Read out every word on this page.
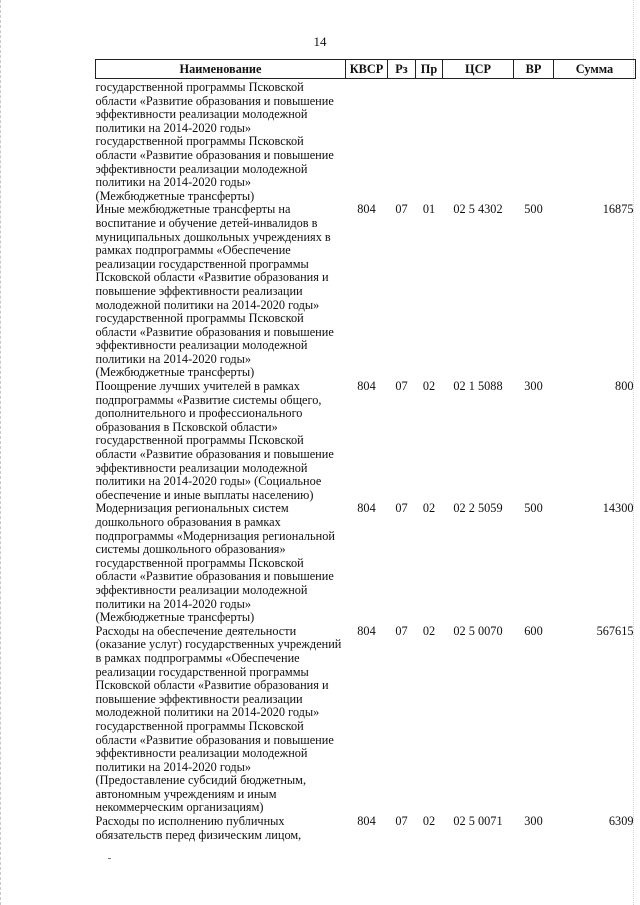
14
Наименование	КВСР	Рз	Пр	ЦСР	ВР	Сумма

государственной программы Псковской области «Развитие образования и повышение эффективности реализации молодежной политики на 2014-2020 годы» государственной программы Псковской области «Развитие образования и повышение эффективности реализации молодежной политики на 2014-2020 годы» (Межбюджетные трансферты)						
Иные межбюджетные трансферты на воспитание и обучение детей-инвалидов в муниципальных дошкольных учреждениях в рамках подпрограммы «Обеспечение реализации государственной программы Псковской области «Развитие образования и повышение эффективности реализации молодежной политики на 2014-2020 годы» государственной программы Псковской области «Развитие образования и повышение эффективности реализации молодежной политики на 2014-2020 годы» (Межбюджетные трансферты)	804	07	01	02 5 4302	500	16875
Поощрение лучших учителей в рамках подпрограммы «Развитие системы общего, дополнительного и профессионального образования в Псковской области» государственной программы Псковской области «Развитие образования и повышение эффективности реализации молодежной политики на 2014-2020 годы» (Социальное обеспечение и иные выплаты населению)	804	07	02	02 1 5088	300	800
Модернизация региональных систем дошкольного образования в рамках подпрограммы «Модернизация региональной системы дошкольного образования» государственной программы Псковской области «Развитие образования и повышение эффективности реализации молодежной политики на 2014-2020 годы» (Межбюджетные трансферты)	804	07	02	02 2 5059	500	14300
Расходы на обеспечение деятельности (оказание услуг) государственных учреждений в рамках подпрограммы «Обеспечение реализации государственной программы Псковской области «Развитие образования и повышение эффективности реализации молодежной политики на 2014-2020 годы» государственной программы Псковской области «Развитие образования и повышение эффективности реализации молодежной политики на 2014-2020 годы» (Предоставление субсидий бюджетным, автономным учреждениям и иным некоммерческим организациям)	804	07	02	02 5 0070	600	567615
Расходы по исполнению публичных обязательств перед физическим лицом,	804	07	02	02 5 0071	300	6309
